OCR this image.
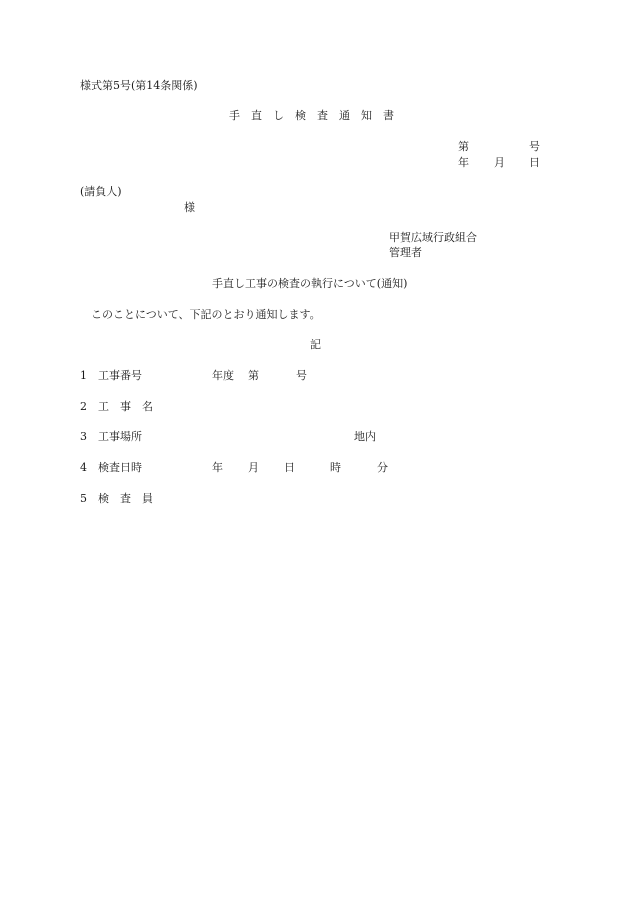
様式第5号(第14条関係)
手　直　し　検　査　通　知　書
第	号
年 月 日
(請負人)
様
甲賀広域行政組合
管理者
手直し工事の検査の執行について(通知)
このことについて、下記のとおり通知します。
記
1 工事番号	年度 第	号
2 工　事　名
3 工事場所	地内
4 検査日時	年 月 日	時	分
5 検　査　員
